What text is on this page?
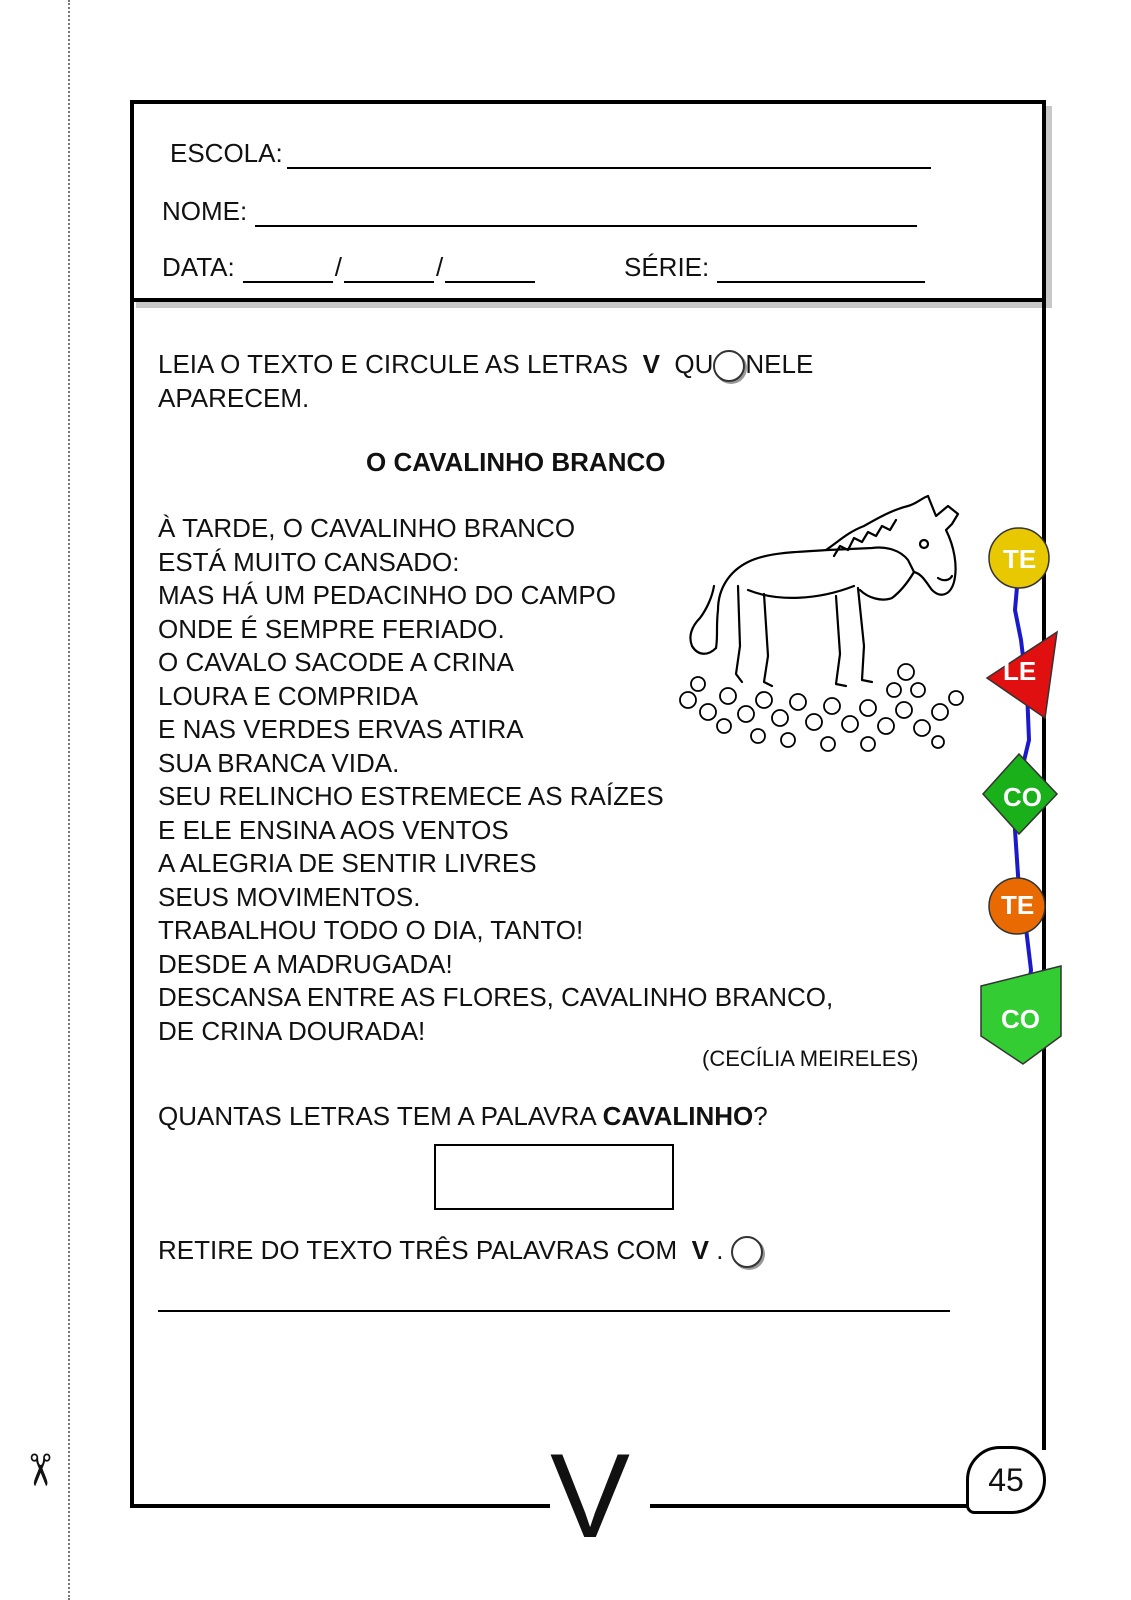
✂
ESCOLA:
NOME:
DATA:	/	/	SÉRIE:
LEIA O TEXTO E CIRCULE AS LETRAS V QU NELE
APARECEM.
O CAVALINHO BRANCO
À TARDE, O CAVALINHO BRANCO
ESTÁ MUITO CANSADO:
MAS HÁ UM PEDACINHO DO CAMPO
ONDE É SEMPRE FERIADO.
O CAVALO SACODE A CRINA
LOURA E COMPRIDA
E NAS VERDES ERVAS ATIRA
SUA BRANCA VIDA.
SEU RELINCHO ESTREMECE AS RAÍZES
E ELE ENSINA AOS VENTOS
A ALEGRIA DE SENTIR LIVRES
SEUS MOVIMENTOS.
TRABALHOU TODO O DIA, TANTO!
DESDE A MADRUGADA!
DESCANSA ENTRE AS FLORES, CAVALINHO BRANCO,
DE CRINA DOURADA!
(CECÍLIA MEIRELES)
QUANTAS LETRAS TEM A PALAVRA CAVALINHO?
RETIRE DO TEXTO TRÊS PALAVRAS COM V .
TE
LE
CO
TE
CO
V	45
